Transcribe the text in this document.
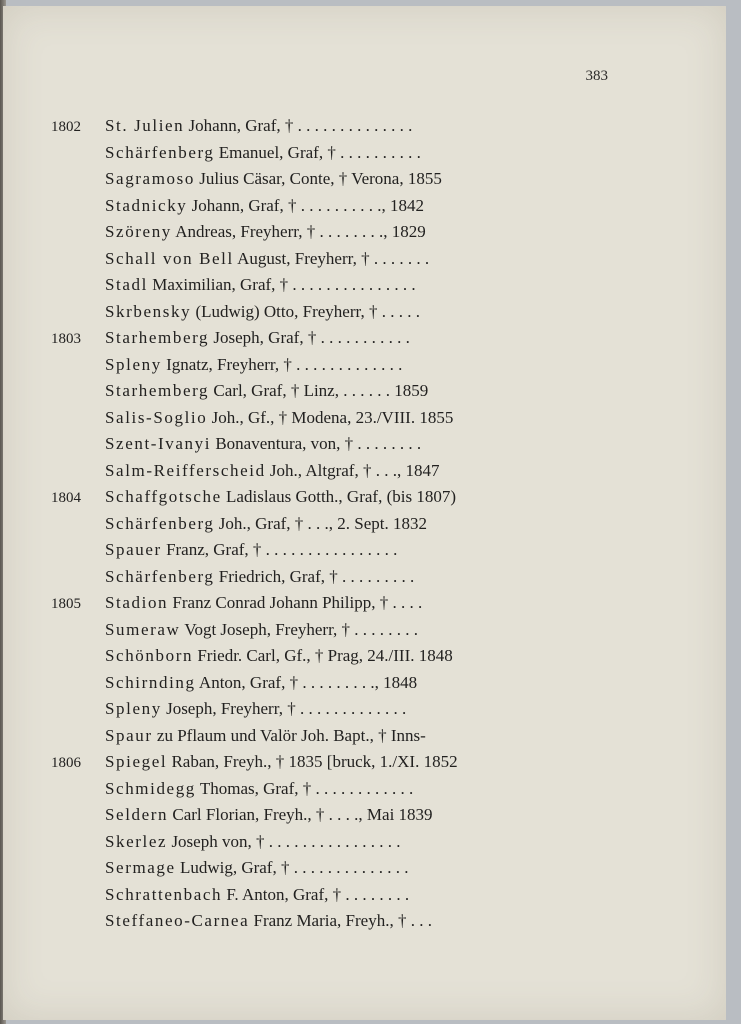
383
1802	St. Julien Johann, Graf, † . . . . . . . . . . . . . .
Schärfenberg Emanuel, Graf, † . . . . . . . . . .
Sagramoso Julius Cäsar, Conte, † Verona, 1855
Stadnicky Johann, Graf, † . . . . . . . . . ., 1842
Szöreny Andreas, Freyherr, † . . . . . . . ., 1829
Schall von Bell August, Freyherr, † . . . . . . .
Stadl Maximilian, Graf, † . . . . . . . . . . . . . . .
Skrbensky (Ludwig) Otto, Freyherr, † . . . . .
1803	Starhemberg Joseph, Graf, † . . . . . . . . . . .
Spleny Ignatz, Freyherr, † . . . . . . . . . . . . .
Starhemberg Carl, Graf, † Linz, . . . . . . 1859
Salis-Soglio Joh., Gf., † Modena, 23./VIII. 1855
Szent-Ivanyi Bonaventura, von, † . . . . . . . .
Salm-Reifferscheid Joh., Altgraf, † . . ., 1847
1804	Schaffgotsche Ladislaus Gotth., Graf, (bis 1807)
Schärfenberg Joh., Graf, † . . ., 2. Sept. 1832
Spauer Franz, Graf, † . . . . . . . . . . . . . . . .
Schärfenberg Friedrich, Graf, † . . . . . . . . .
1805	Stadion Franz Conrad Johann Philipp, † . . . .
Sumeraw Vogt Joseph, Freyherr, † . . . . . . . .
Schönborn Friedr. Carl, Gf., † Prag, 24./III. 1848
Schirnding Anton, Graf, † . . . . . . . . ., 1848
Spleny Joseph, Freyherr, † . . . . . . . . . . . . .
Spaur zu Pflaum und Valör Joh. Bapt., † Inns-
1806	Spiegel Raban, Freyh., † 1835 [bruck, 1./XI. 1852
Schmidegg Thomas, Graf, † . . . . . . . . . . . .
Seldern Carl Florian, Freyh., † . . . ., Mai 1839
Skerlez Joseph von, † . . . . . . . . . . . . . . . .
Sermage Ludwig, Graf, † . . . . . . . . . . . . . .
Schrattenbach F. Anton, Graf, † . . . . . . . .
Steffaneo-Carnea Franz Maria, Freyh., † . . .
